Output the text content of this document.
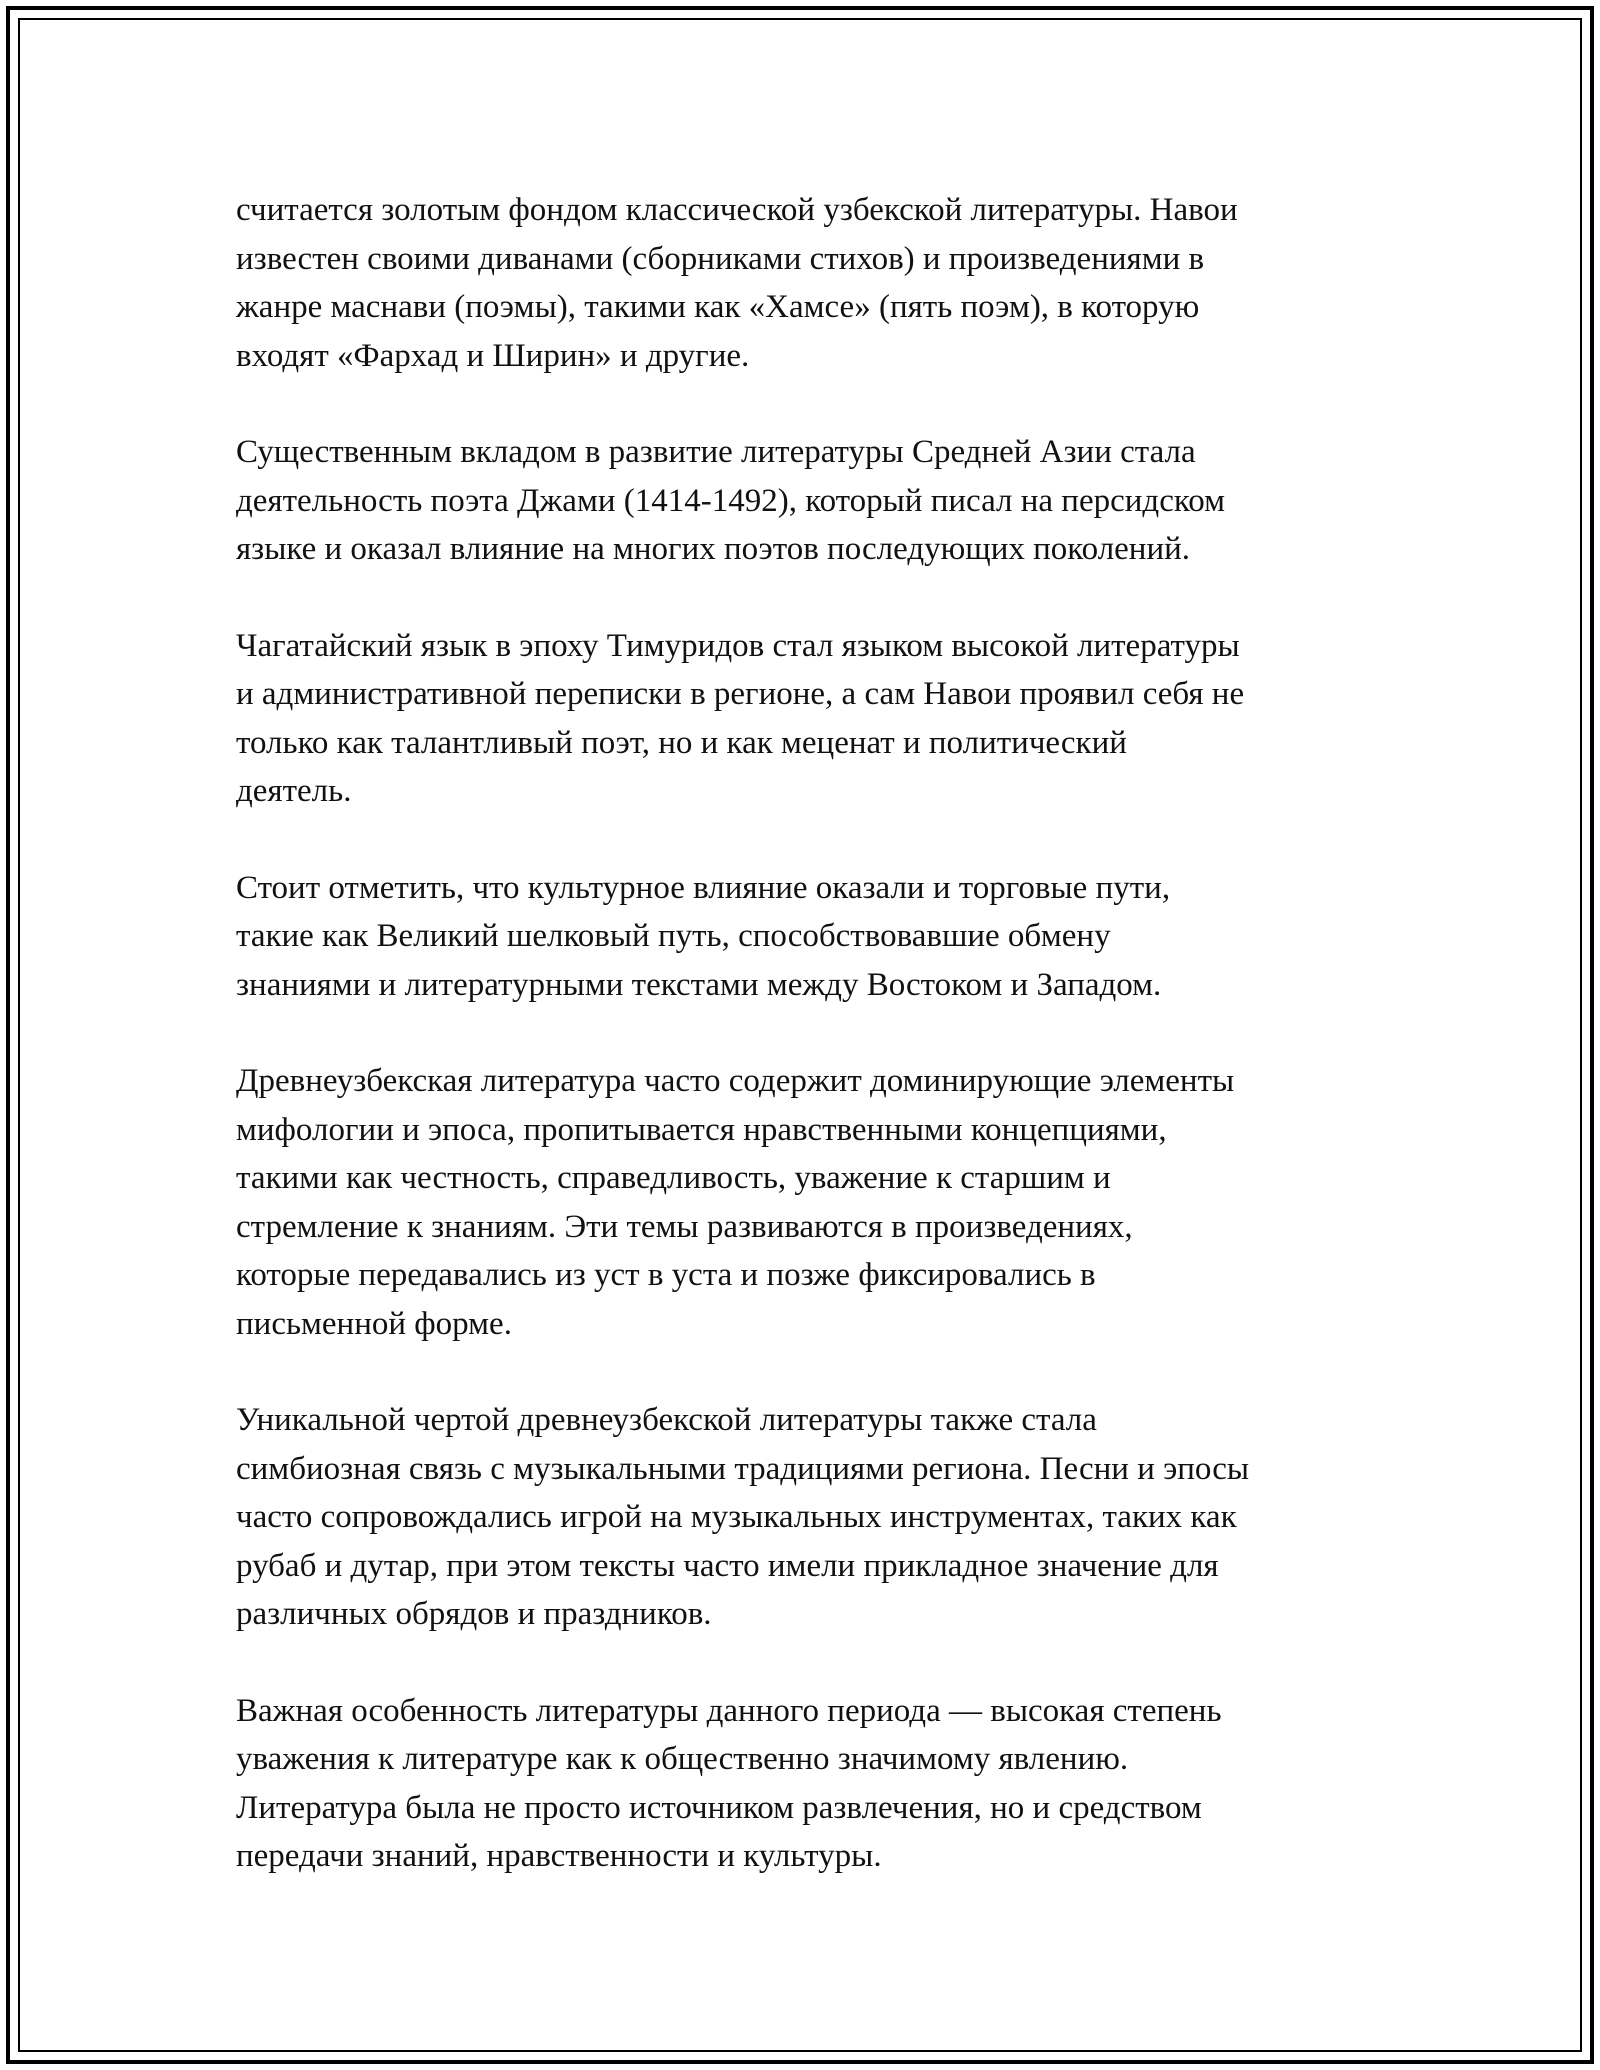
считается золотым фондом классической узбекской литературы. Навои
известен своими диванами (сборниками стихов) и произведениями в
жанре маснави (поэмы), такими как «Хамсе» (пять поэм), в которую
входят «Фархад и Ширин» и другие.

Существенным вкладом в развитие литературы Средней Азии стала
деятельность поэта Джами (1414-1492), который писал на персидском
языке и оказал влияние на многих поэтов последующих поколений.

Чагатайский язык в эпоху Тимуридов стал языком высокой литературы
и административной переписки в регионе, а сам Навои проявил себя не
только как талантливый поэт, но и как меценат и политический
деятель.

Стоит отметить, что культурное влияние оказали и торговые пути,
такие как Великий шелковый путь, способствовавшие обмену
знаниями и литературными текстами между Востоком и Западом.

Древнеузбекская литература часто содержит доминирующие элементы
мифологии и эпоса, пропитывается нравственными концепциями,
такими как честность, справедливость, уважение к старшим и
стремление к знаниям. Эти темы развиваются в произведениях,
которые передавались из уст в уста и позже фиксировались в
письменной форме.

Уникальной чертой древнеузбекской литературы также стала
симбиозная связь с музыкальными традициями региона. Песни и эпосы
часто сопровождались игрой на музыкальных инструментах, таких как
рубаб и дутар, при этом тексты часто имели прикладное значение для
различных обрядов и праздников.

Важная особенность литературы данного периода — высокая степень
уважения к литературе как к общественно значимому явлению.
Литература была не просто источником развлечения, но и средством
передачи знаний, нравственности и культуры.
